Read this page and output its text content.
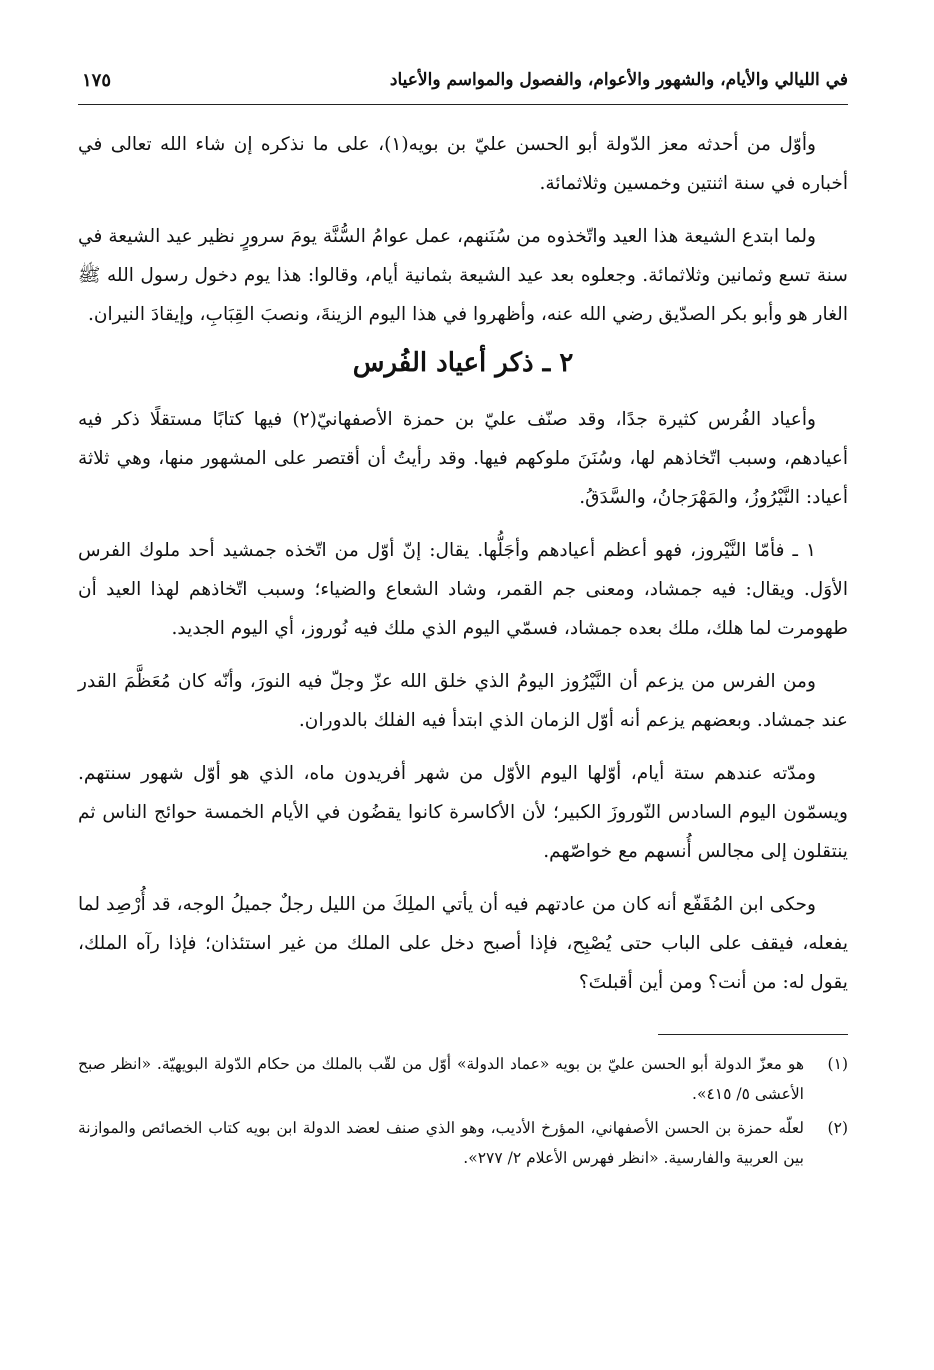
في الليالي والأيام، والشهور والأعوام، والفصول والمواسم والأعياد
١٧٥

وأوّل من أحدثه معز الدّولة أبو الحسن عليّ بن بويه(١)، على ما نذكره إن شاء الله تعالى في أخباره في سنة اثنتين وخمسين وثلاثمائة.

ولما ابتدع الشيعة هذا العيد واتّخذوه من سُنَنهم، عمل عوامُ السُّنَّة يومَ سرورٍ نظير عيد الشيعة في سنة تسع وثمانين وثلاثمائة. وجعلوه بعد عيد الشيعة بثمانية أيام، وقالوا: هذا يوم دخول رسول الله ﷺ الغار هو وأبو بكر الصدّيق رضي الله عنه، وأظهروا في هذا اليوم الزينةَ، ونصبَ القِبَابِ، وإيقادَ النيران.

٢ ـ ذكر أعياد الفُرس

وأعياد الفُرس كثيرة جدًا، وقد صنّف عليّ بن حمزة الأصفهانيّ(٢) فيها كتابًا مستقلًا ذكر فيه أعيادهم، وسبب اتّخاذهم لها، وسُنَنَ ملوكهم فيها. وقد رأيتُ أن أقتصر على المشهور منها، وهي ثلاثة أعياد: النَّيْرُوزُ، والمَهْرَجانُ، والسَّدَقُ.

١ ـ فأمّا النَّيْروز، فهو أعظم أعيادهم وأجَلُّها. يقال: إنّ أوّل من اتّخذه جمشيد أحد ملوك الفرس الأوَل. ويقال: فيه جمشاد، ومعنى جم القمر، وشاد الشعاع والضياء؛ وسبب اتّخاذهم لهذا العيد أن طهومرت لما هلك، ملك بعده جمشاد، فسمّي اليوم الذي ملك فيه نُوروز، أي اليوم الجديد.

ومن الفرس من يزعم أن النَّيْرُوز اليومُ الذي خلق الله عزّ وجلّ فيه النورَ، وأنّه كان مُعَظَّمَ القدر عند جمشاد. وبعضهم يزعم أنه أوّل الزمان الذي ابتدأ فيه الفلك بالدوران.

ومدّته عندهم ستة أيام، أوّلها اليوم الأوّل من شهر أفريدون ماه، الذي هو أوّل شهور سنتهم. ويسمّون اليوم السادس النّوروزَ الكبير؛ لأن الأكاسرة كانوا يقضُون في الأيام الخمسة حوائج الناس ثم ينتقلون إلى مجالس أُنسهم مع خواصّهم.

وحكى ابن المُقَفّع أنه كان من عادتهم فيه أن يأتي الملِكَ من الليل رجلٌ جميلُ الوجه، قد أُرْصِد لما يفعله، فيقف على الباب حتى يُصْبِح، فإذا أصبح دخل على الملك من غير استئذان؛ فإذا رآه الملك، يقول له: من أنت؟ ومن أين أقبلتَ؟

(١)
هو معزّ الدولة أبو الحسن عليّ بن بويه «عماد الدولة» أوّل من لقّب بالملك من حكام الدّولة البويهيّة. «انظر صبح الأعشى ٥/ ٤١٥».
(٢)
لعلّه حمزة بن الحسن الأصفهاني، المؤرخ الأديب، وهو الذي صنف لعضد الدولة ابن بويه كتاب الخصائص والموازنة بين العربية والفارسية. «انظر فهرس الأعلام ٢/ ٢٧٧».
